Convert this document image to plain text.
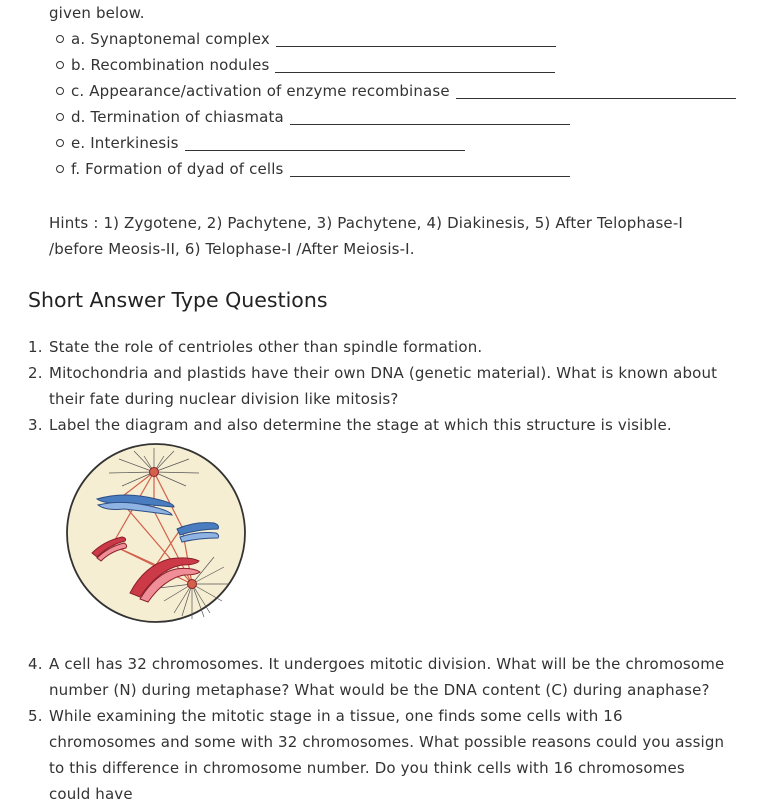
given below.
a. Synaptonemal complex
b. Recombination nodules
c. Appearance/activation of enzyme recombinase
d. Termination of chiasmata
e. Interkinesis
f. Formation of dyad of cells
Hints : 1) Zygotene, 2) Pachytene, 3) Pachytene, 4) Diakinesis, 5) After Telophase-I /before Meosis-II, 6) Telophase-I /After Meiosis-I.
Short Answer Type Questions
1. State the role of centrioles other than spindle formation.
2. Mitochondria and plastids have their own DNA (genetic material). What is known about their fate during nuclear division like mitosis?
3. Label the diagram and also determine the stage at which this structure is visible.
4. A cell has 32 chromosomes. It undergoes mitotic division. What will be the chromosome number (N) during metaphase? What would be the DNA content (C) during anaphase?
5. While examining the mitotic stage in a tissue, one finds some cells with 16 chromosomes and some with 32 chromosomes. What possible reasons could you assign to this difference in chromosome number. Do you think cells with 16 chromosomes could have
